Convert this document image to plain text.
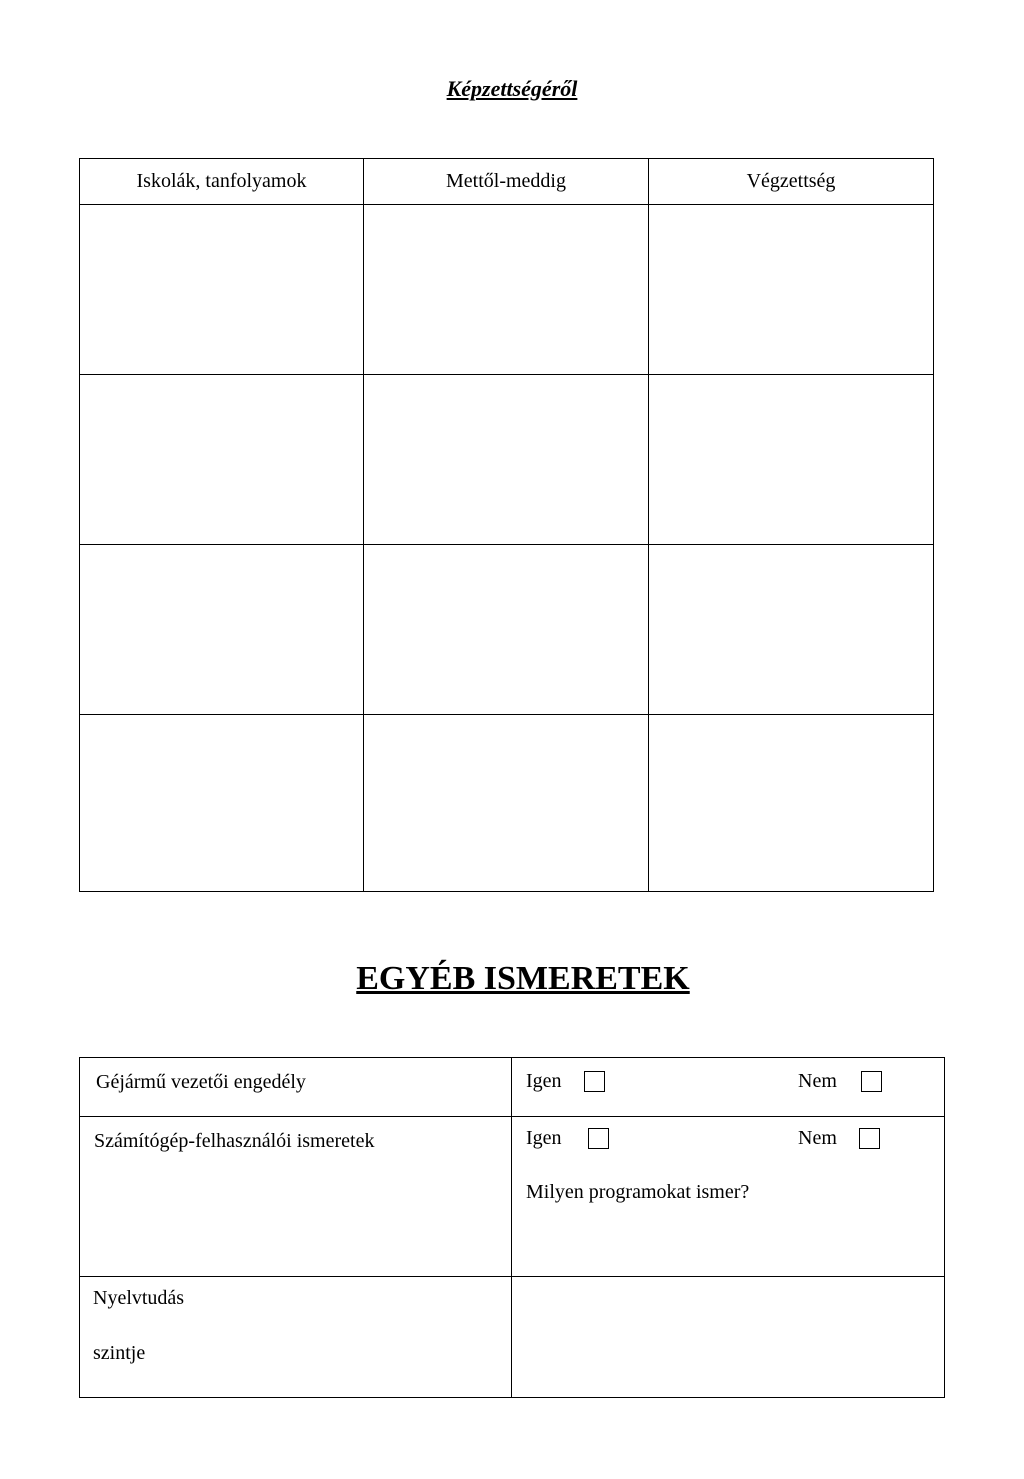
Képzettségéről
Iskolák, tanfolyamok	Mettől-meddig	Végzettség

EGYÉB ISMERETEK
Géjármű vezetői engedély	Igen Nem

Számítógép-felhasználói ismeretek	Igen Nem
Milyen programokat ismer?

Nyelvtudás
szintje	
